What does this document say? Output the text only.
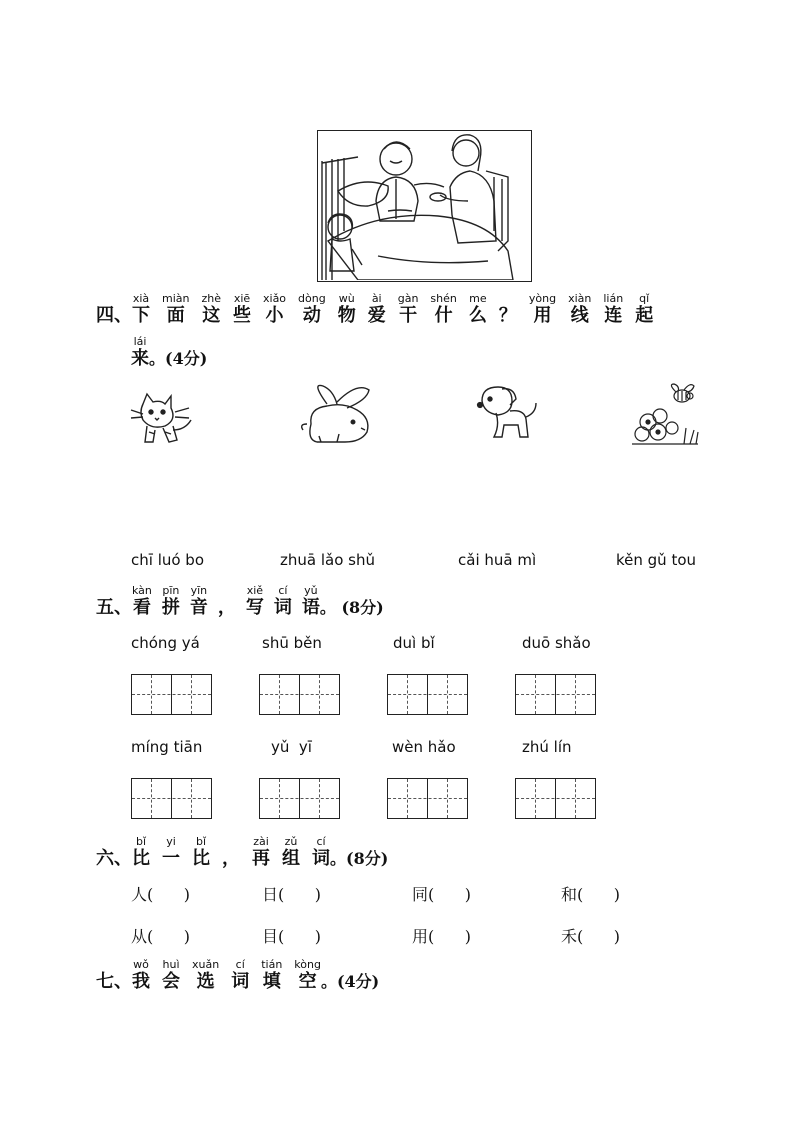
四、
xià
下
miàn
面
zhè
这
xiē
些
xiǎo
小
dòng
动
wù
物
ài
爱
gàn
干
shén
什
me
么
？
yòng
用
xiàn
线
lián
连
qǐ
起
lái
来 。(4分)
chī luó bo	zhuā lǎo shǔ	cǎi huā mì	kěn gǔ tou
五、
kàn
看
pīn
拼
yīn
音
，
xiě
写
cí
词
yǔ
语 。 (8分)
chóng yá	shū běn	duì bǐ	duō shǎo
míng tiān	yǔ  yī	wèn hǎo	zhú lín
六、
bǐ
比
yi
一
bǐ
比
，
zài
再
zǔ
组
cí
词 。(8分)
人(      )	日(      )	同(      )	和(      )
从(      )	目(      )	用(      )	禾(      )
七、
wǒ
我
huì
会
xuǎn
选
cí
词
tián
填
kòng
空 。(4分)
